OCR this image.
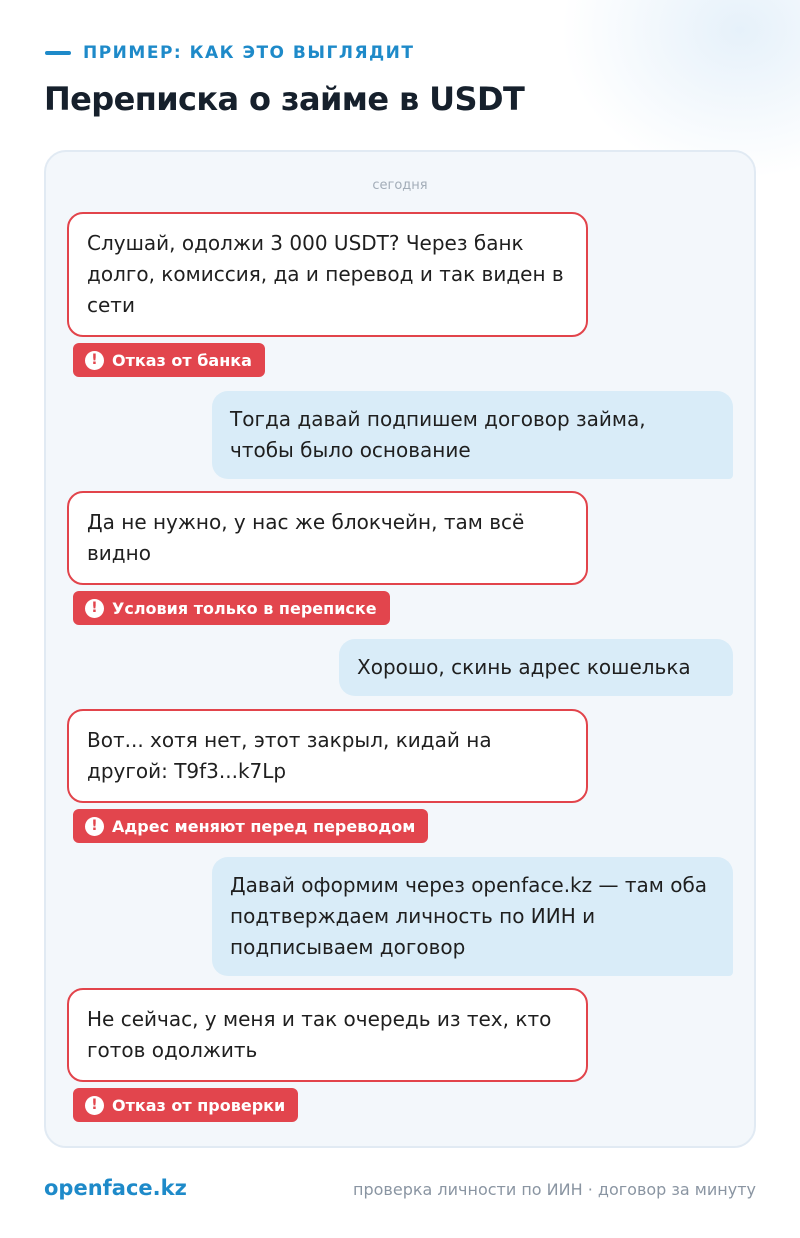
ПРИМЕР: КАК ЭТО ВЫГЛЯДИТ
Переписка о займе в USDT
сегодня
Слушай, одолжи 3 000 USDT? Через банк долго, комиссия, да и перевод и так виден в сети
! Отказ от банка
Тогда давай подпишем договор займа, чтобы было основание
Да не нужно, у нас же блокчейн, там всё видно
! Условия только в переписке
Хорошо, скинь адрес кошелька
Вот... хотя нет, этот закрыл, кидай на другой: T9f3...k7Lp
! Адрес меняют перед переводом
Давай оформим через openface.kz — там оба подтверждаем личность по ИИН и подписываем договор
Не сейчас, у меня и так очередь из тех, кто готов одолжить
! Отказ от проверки
openface.kz	проверка личности по ИИН · договор за минуту
